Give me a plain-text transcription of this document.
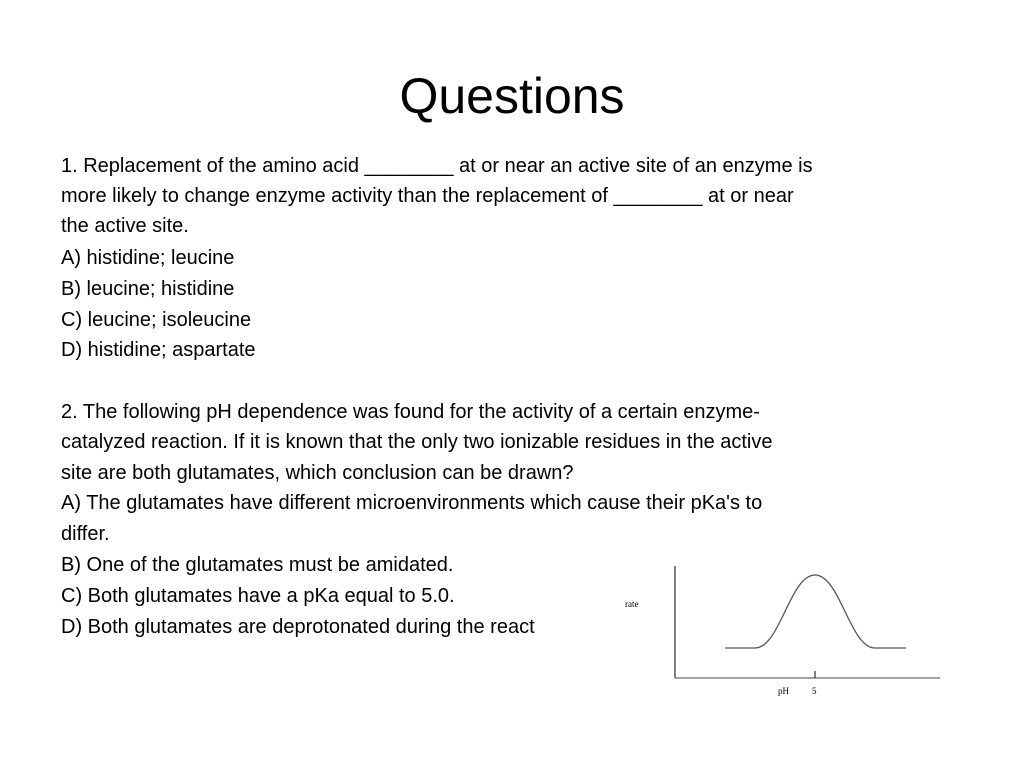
Questions
1. Replacement of the amino acid ________ at or near an active site of an enzyme is
more likely to change enzyme activity than the replacement of ________ at or near
the active site.
A) histidine; leucine
B) leucine; histidine
C) leucine; isoleucine
D) histidine; aspartate
2. The following pH dependence was found for the activity of a certain enzyme-
catalyzed reaction. If it is known that the only two ionizable residues in the active
site are both glutamates, which conclusion can be drawn?
A) The glutamates have different microenvironments which cause their pKa's to
differ.
B) One of the glutamates must be amidated.
C) Both glutamates have a pKa equal to 5.0.
D) Both glutamates are deprotonated during the react
rate
pH	5
